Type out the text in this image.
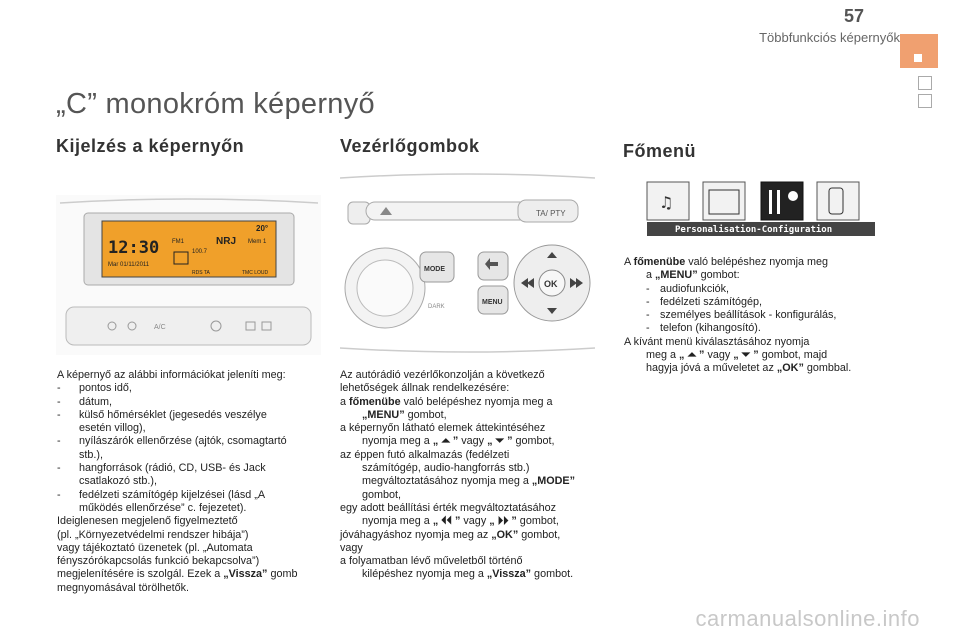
57
Többfunkciós képernyők
„C” monokróm képernyő
Kijelzés a képernyőn	Vezérlőgombok	Főmenü
20°
12:30
Mar 01/11/2011
FM1	NRJ Mem 1
100.7
RDS TA	TMC LOUD
A/C
TA/ PTY
MODE
DARK
MENU
OK
♫
Personalisation-Configuration
A képernyő az alábbi információkat jeleníti meg:
- pontos idő,
- dátum,
- külső hőmérséklet (jegesedés veszélye
esetén villog),
- nyílászárók ellenőrzése (ajtók, csomagtartó
stb.),
- hangforrások (rádió, CD, USB- és Jack
csatlakozó stb.),
- fedélzeti számítógép kijelzései (lásd „A
működés ellenőrzése” c. fejezetet).
Ideiglenesen megjelenő figyelmeztető
(pl. „Környezetvédelmi rendszer hibája”)
vagy tájékoztató üzenetek (pl. „Automata
fényszórókapcsolás funkció bekapcsolva”)
megjelenítésére is szolgál. Ezek a „Vissza” gomb
megnyomásával törölhetők.
Az autórádió vezérlőkonzolján a következő
lehetőségek állnak rendelkezésére:
a főmenübe való belépéshez nyomja meg a
„MENU” gombot,
a képernyőn látható elemek áttekintéséhez
nyomja meg a „ ⏶ ” vagy „ ⏷ ” gombot,
az éppen futó alkalmazás (fedélzeti
számítógép, audio-hangforrás stb.)
megváltoztatásához nyomja meg a „MODE”
gombot,
egy adott beállítási érték megváltoztatásához
nyomja meg a „ ⏴⏴ ” vagy „ ⏵⏵ ” gombot,
jóváhagyáshoz nyomja meg az „OK” gombot,
vagy
a folyamatban lévő műveletből történő
kilépéshez nyomja meg a „Vissza” gombot.
A főmenübe való belépéshez nyomja meg
a „MENU” gombot:
- audiofunkciók,
- fedélzeti számítógép,
- személyes beállítások - konfigurálás,
- telefon (kihangosító).
A kívánt menü kiválasztásához nyomja
meg a „ ⏶ ” vagy „ ⏷ ” gombot, majd
hagyja jóvá a műveletet az „OK” gombbal.
carmanualsonline.info
